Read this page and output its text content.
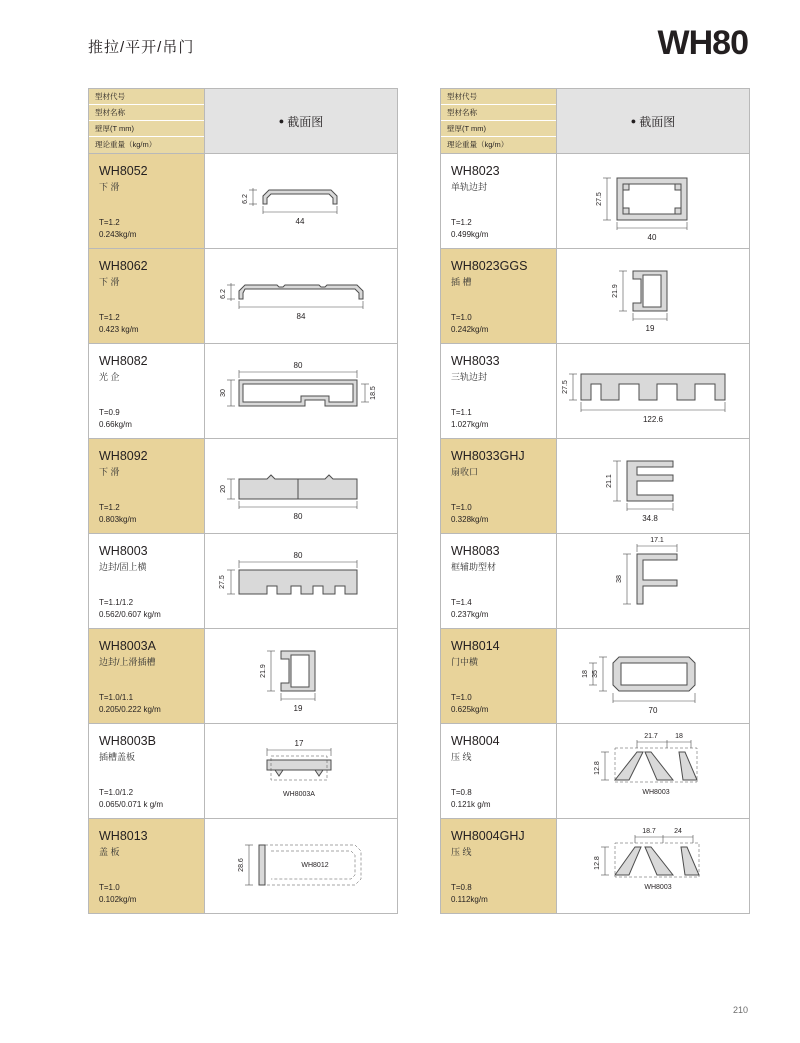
推拉/平开/吊门	WH80
型材代号
型材名称
壁厚(T mm)
理论重量（kg/m）
● 截面图
WH8052
下 滑
T=1.2
0.243kg/m
6.2
44
WH8062
下 滑
T=1.2
0.423 kg/m
6.2
84
WH8082
光 企
T=0.9
0.66kg/m
80
30	18.5
WH8092
下 滑
T=1.2
0.803kg/m
20
80
WH8003
边封/固上横
T=1.1/1.2
0.562/0.607 kg/m
80
27.5
WH8003A
边封/上滑插槽
T=1.0/1.1
0.205/0.222 kg/m
21.9
19
WH8003B
插槽盖板
T=1.0/1.2
0.065/0.071 k g/m
17
WH8003A
WH8013
盖 板
T=1.0
0.102kg/m
28.6	WH8012
型材代号
型材名称
壁厚(T mm)
理论重量（kg/m）
● 截面图
WH8023
单轨边封
T=1.2
0.499kg/m
27.5
40
WH8023GGS
插 槽
T=1.0
0.242kg/m
21.9
19
WH8033
三轨边封
T=1.1
1.027kg/m
27.5
122.6
WH8033GHJ
扇收口
T=1.0
0.328kg/m
21.1
34.8
WH8083
框辅助型材
T=1.4
0.237kg/m
17.1
38
WH8014
门中横
T=1.0
0.625kg/m
35
18
70
WH8004
压 线
T=0.8
0.121k g/m
21.7 18
12.8
WH8003
WH8004GHJ
压 线
T=0.8
0.112kg/m
18.7	24
12.8
WH8003
210
